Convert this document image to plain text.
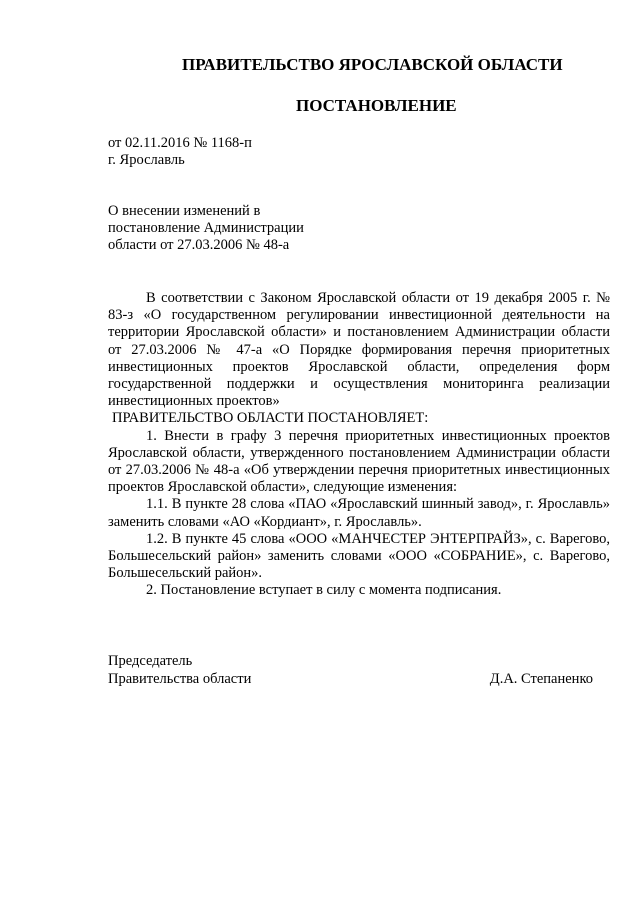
ПРАВИТЕЛЬСТВО ЯРОСЛАВСКОЙ ОБЛАСТИ
ПОСТАНОВЛЕНИЕ
от 02.11.2016 № 1168-п
г. Ярославль
О внесении изменений в
постановление Администрации
области от 27.03.2006 № 48-а

В соответствии с Законом Ярославской области от 19 декабря 2005 г. № 83-з «О государственном регулировании инвестиционной деятельности на территории Ярославской области» и постановлением Администрации области от 27.03.2006 № 47-а «О Порядке формирования перечня приоритетных инвестиционных проектов Ярославской области, определения форм государственной поддержки и осуществления мониторинга реализации инвестиционных проектов»

ПРАВИТЕЛЬСТВО ОБЛАСТИ ПОСТАНОВЛЯЕТ:

1. Внести в графу 3 перечня приоритетных инвестиционных проектов Ярославской области, утвержденного постановлением Администрации области от 27.03.2006 № 48-а «Об утверждении перечня приоритетных инвестиционных проектов Ярославской области», следующие изменения:

1.1. В пункте 28 слова «ПАО «Ярославский шинный завод», г. Ярославль» заменить словами «АО «Кордиант», г. Ярославль».

1.2. В пункте 45 слова «ООО «МАНЧЕСТЕР ЭНТЕРПРАЙЗ», с. Варегово, Большесельский район» заменить словами «ООО «СОБРАНИЕ», с. Варегово, Большесельский район».

2. Постановление вступает в силу с момента подписания.

Председатель
Правительства области	Д.А. Степаненко
